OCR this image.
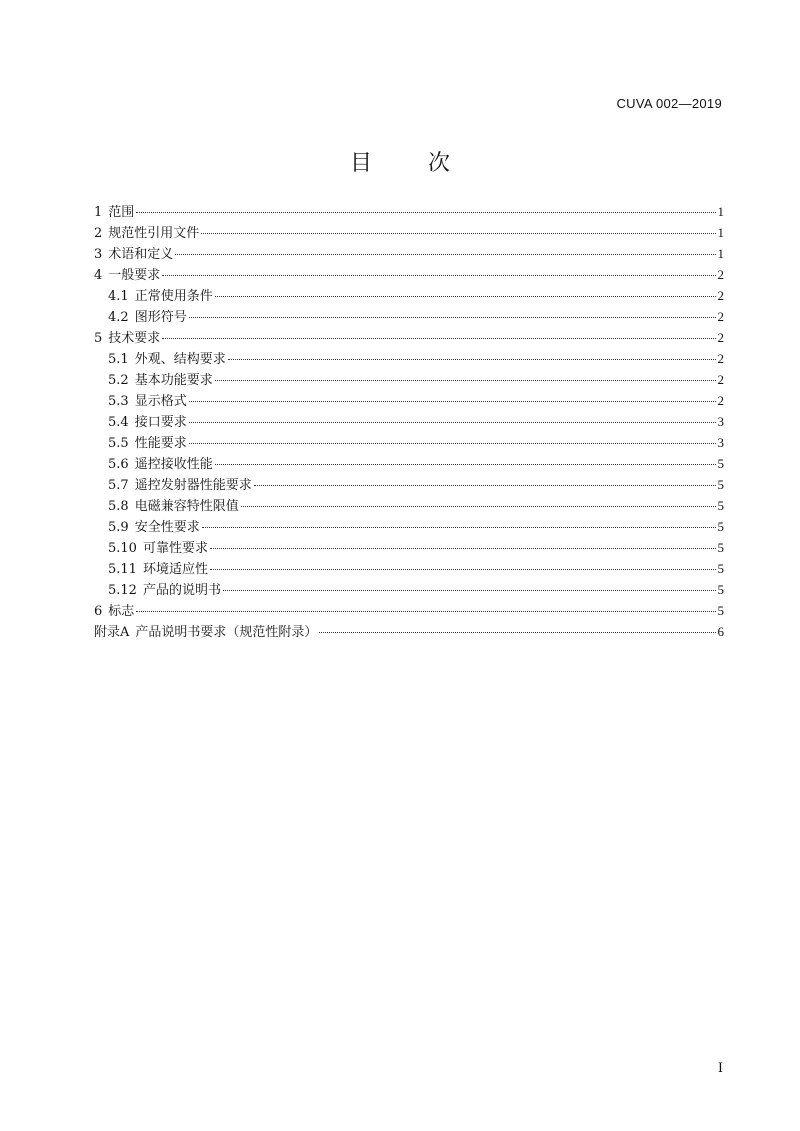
CUVA 002—2019
目	次
1 范围	1
2 规范性引用文件	1
3 术语和定义	1
4 一般要求	2
4.1 正常使用条件	2
4.2 图形符号	2
5 技术要求	2
5.1 外观、结构要求	2
5.2 基本功能要求	2
5.3 显示格式	2
5.4 接口要求	3
5.5 性能要求	3
5.6 遥控接收性能	5
5.7 遥控发射器性能要求	5
5.8 电磁兼容特性限值	5
5.9 安全性要求	5
5.10 可靠性要求	5
5.11 环境适应性	5
5.12 产品的说明书	5
6 标志	5
附录A 产品说明书要求（规范性附录）	6
I
